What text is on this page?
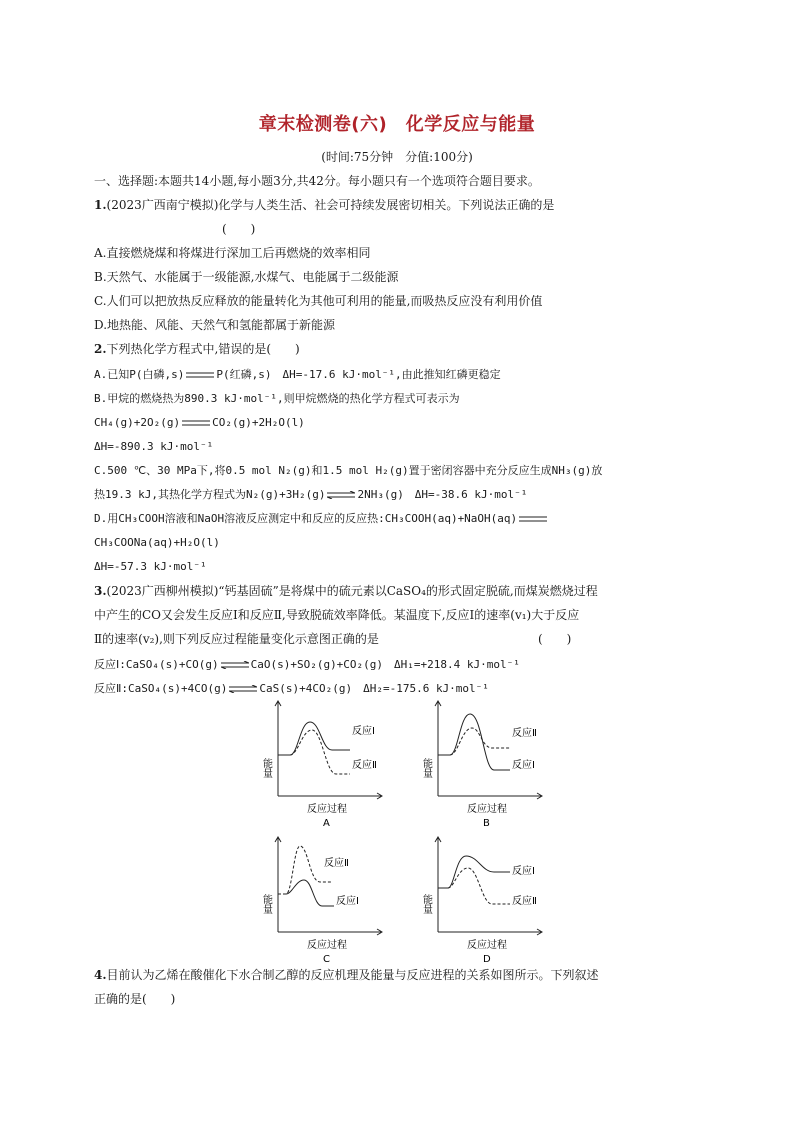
章末检测卷(六)　化学反应与能量
(时间:75分钟　分值:100分)
一、选择题:本题共14小题,每小题3分,共42分。每小题只有一个选项符合题目要求。
1.(2023广西南宁模拟)化学与人类生活、社会可持续发展密切相关。下列说法正确的是
(　　)
A.直接燃烧煤和将煤进行深加工后再燃烧的效率相同
B.天然气、水能属于一级能源,水煤气、电能属于二级能源
C.人们可以把放热反应释放的能量转化为其他可利用的能量,而吸热反应没有利用价值
D.地热能、风能、天然气和氢能都属于新能源
2.下列热化学方程式中,错误的是(　　)
A.已知P(白磷,s)	P(红磷,s)　ΔH=-17.6 kJ·mol⁻¹,由此推知红磷更稳定
B.甲烷的燃烧热为890.3 kJ·mol⁻¹,则甲烷燃烧的热化学方程式可表示为
CH₄(g)+2O₂(g)	CO₂(g)+2H₂O(l)
ΔH=-890.3 kJ·mol⁻¹
C.500 ℃、30 MPa下,将0.5 mol N₂(g)和1.5 mol H₂(g)置于密闭容器中充分反应生成NH₃(g)放
热19.3 kJ,其热化学方程式为N₂(g)+3H₂(g) ⇌ 2NH₃(g)　ΔH=-38.6 kJ·mol⁻¹
D.用CH₃COOH溶液和NaOH溶液反应测定中和反应的反应热:CH₃COOH(aq)+NaOH(aq)
CH₃COONa(aq)+H₂O(l)
ΔH=-57.3 kJ·mol⁻¹
3.(2023广西柳州模拟)“钙基固硫”是将煤中的硫元素以CaSO₄的形式固定脱硫,而煤炭燃烧过程
中产生的CO又会发生反应Ⅰ和反应Ⅱ,导致脱硫效率降低。某温度下,反应Ⅰ的速率(v₁)大于反应
Ⅱ的速率(v₂),则下列反应过程能量变化示意图正确的是	(　　)
反应Ⅰ:CaSO₄(s)+CO(g) ⇌ CaO(s)+SO₂(g)+CO₂(g)　ΔH₁=+218.4 kJ·mol⁻¹
反应Ⅱ:CaSO₄(s)+4CO(g) ⇌ CaS(s)+4CO₂(g)　ΔH₂=-175.6 kJ·mol⁻¹
能量
反应Ⅰ
反应Ⅱ
反应过程
A
能量
反应Ⅱ
反应Ⅰ
反应过程
B
能量
反应Ⅱ
反应Ⅰ
反应过程
C
能量
反应Ⅰ
反应Ⅱ
反应过程
D
4.目前认为乙烯在酸催化下水合制乙醇的反应机理及能量与反应进程的关系如图所示。下列叙述
正确的是(　　)
